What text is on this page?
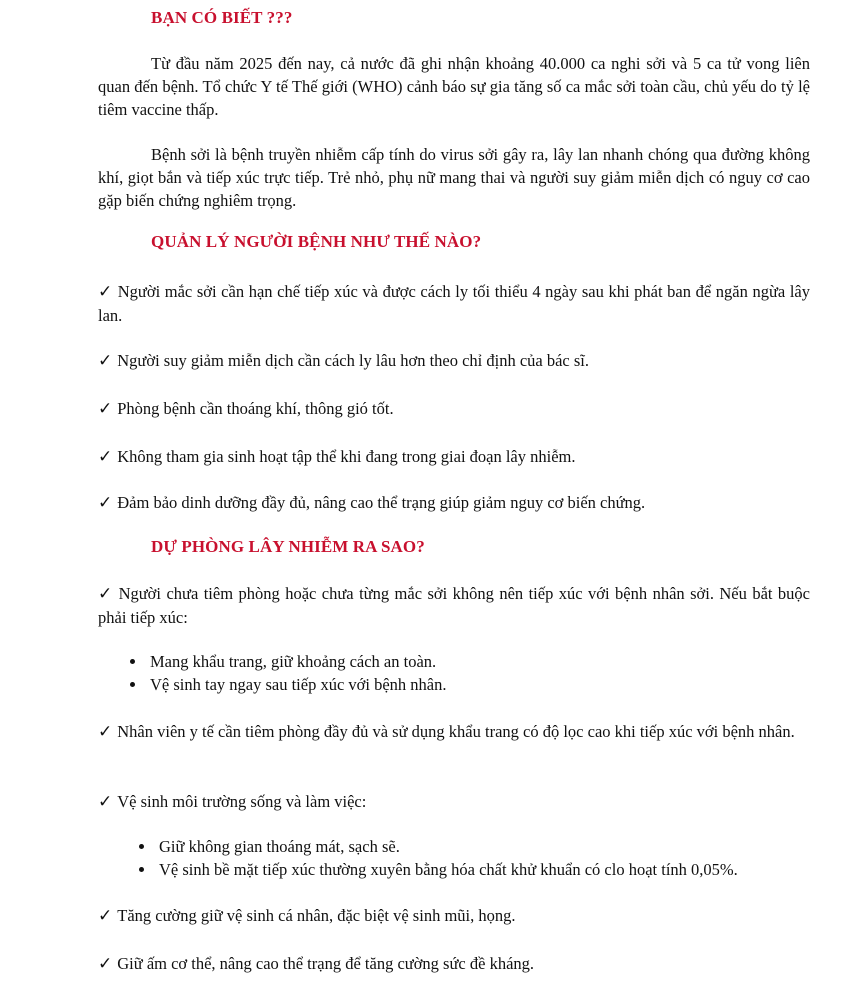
BẠN CÓ BIẾT ???

Từ đầu năm 2025 đến nay, cả nước đã ghi nhận khoảng 40.000 ca nghi sởi và 5 ca tử vong liên quan đến bệnh. Tổ chức Y tế Thế giới (WHO) cảnh báo sự gia tăng số ca mắc sởi toàn cầu, chủ yếu do tỷ lệ tiêm vaccine thấp.

Bệnh sởi là bệnh truyền nhiễm cấp tính do virus sởi gây ra, lây lan nhanh chóng qua đường không khí, giọt bắn và tiếp xúc trực tiếp. Trẻ nhỏ, phụ nữ mang thai và người suy giảm miễn dịch có nguy cơ cao gặp biến chứng nghiêm trọng.

QUẢN LÝ NGƯỜI BỆNH NHƯ THẾ NÀO?

✓ Người mắc sởi cần hạn chế tiếp xúc và được cách ly tối thiểu 4 ngày sau khi phát ban để ngăn ngừa lây lan.

✓ Người suy giảm miễn dịch cần cách ly lâu hơn theo chỉ định của bác sĩ.

✓ Phòng bệnh cần thoáng khí, thông gió tốt.

✓ Không tham gia sinh hoạt tập thể khi đang trong giai đoạn lây nhiễm.

✓ Đảm bảo dinh dưỡng đầy đủ, nâng cao thể trạng giúp giảm nguy cơ biến chứng.

DỰ PHÒNG LÂY NHIỄM RA SAO?

✓ Người chưa tiêm phòng hoặc chưa từng mắc sởi không nên tiếp xúc với bệnh nhân sởi. Nếu bắt buộc phải tiếp xúc:

Mang khẩu trang, giữ khoảng cách an toàn.
Vệ sinh tay ngay sau tiếp xúc với bệnh nhân.

✓ Nhân viên y tế cần tiêm phòng đầy đủ và sử dụng khẩu trang có độ lọc cao khi tiếp xúc với bệnh nhân.

✓ Vệ sinh môi trường sống và làm việc:

Giữ không gian thoáng mát, sạch sẽ.
Vệ sinh bề mặt tiếp xúc thường xuyên bằng hóa chất khử khuẩn có clo hoạt tính 0,05%.

✓ Tăng cường giữ vệ sinh cá nhân, đặc biệt vệ sinh mũi, họng.

✓ Giữ ấm cơ thể, nâng cao thể trạng để tăng cường sức đề kháng.
